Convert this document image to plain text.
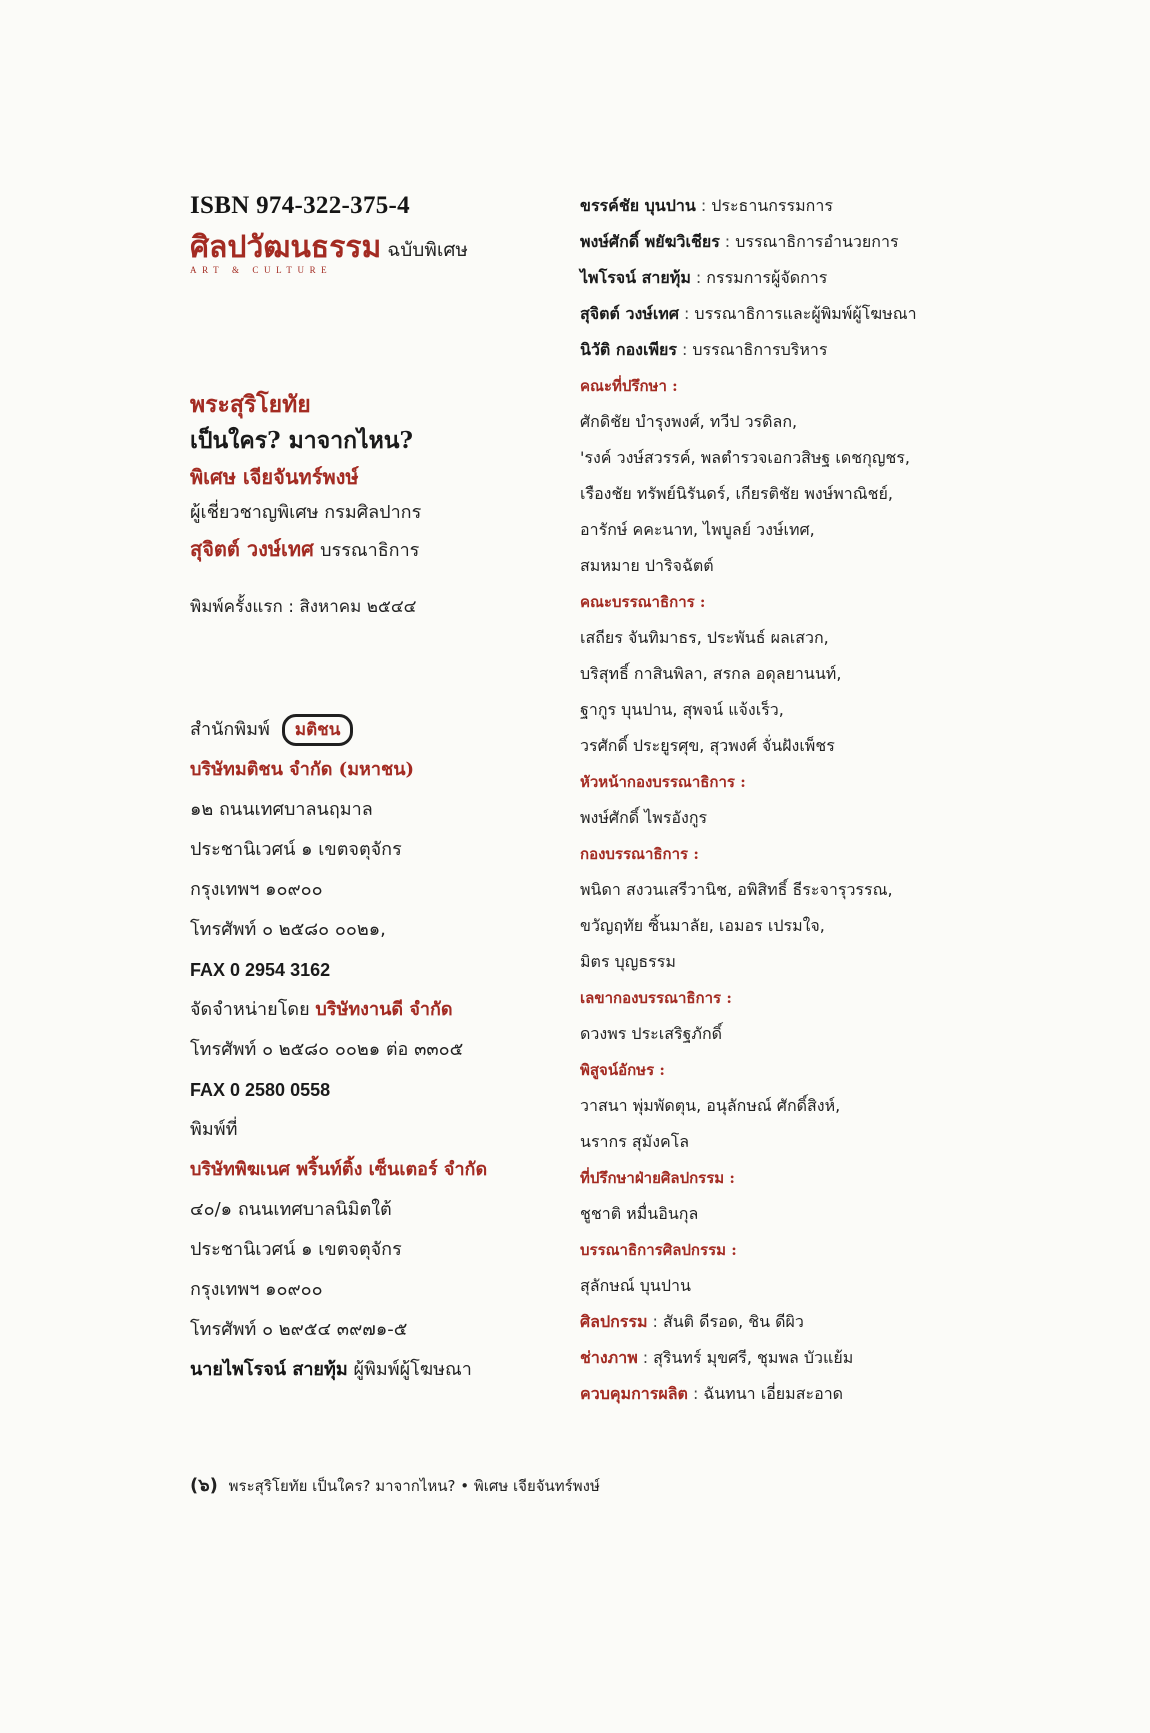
ISBN 974-322-375-4
ศิลปวัฒนธรรม ฉบับพิเศษ
ART & CULTURE
พระสุริโยทัย
เป็นใคร? มาจากไหน?
พิเศษ เจียจันทร์พงษ์
ผู้เชี่ยวชาญพิเศษ กรมศิลปากร
สุจิตต์ วงษ์เทศ บรรณาธิการ
พิมพ์ครั้งแรก : สิงหาคม ๒๕๔๔
สำนักพิมพ์	มติชน
บริษัทมติชน จำกัด (มหาชน)
๑๒ ถนนเทศบาลนฤมาล
ประชานิเวศน์ ๑ เขตจตุจักร
กรุงเทพฯ ๑๐๙๐๐
โทรศัพท์ ๐ ๒๕๘๐ ๐๐๒๑,
FAX 0 2954 3162
จัดจำหน่ายโดย บริษัทงานดี จำกัด
โทรศัพท์ ๐ ๒๕๘๐ ๐๐๒๑ ต่อ ๓๓๐๕
FAX 0 2580 0558
พิมพ์ที่
บริษัทพิฆเนศ พริ้นท์ติ้ง เซ็นเตอร์ จำกัด
๔๐/๑ ถนนเทศบาลนิมิตใต้
ประชานิเวศน์ ๑ เขตจตุจักร
กรุงเทพฯ ๑๐๙๐๐
โทรศัพท์ ๐ ๒๙๕๔ ๓๙๗๑-๕
นายไพโรจน์ สายทุ้ม ผู้พิมพ์ผู้โฆษณา
ขรรค์ชัย บุนปาน : ประธานกรรมการ
พงษ์ศักดิ์ พยัฆวิเชียร : บรรณาธิการอำนวยการ
ไพโรจน์ สายทุ้ม : กรรมการผู้จัดการ
สุจิตต์ วงษ์เทศ : บรรณาธิการและผู้พิมพ์ผู้โฆษณา
นิวัติ กองเพียร : บรรณาธิการบริหาร
คณะที่ปรึกษา :
ศักดิชัย บำรุงพงศ์, ทวีป วรดิลก,
'รงค์ วงษ์สวรรค์, พลตำรวจเอกวสิษฐ เดชกุญชร,
เรืองชัย ทรัพย์นิรันดร์, เกียรติชัย พงษ์พาณิชย์,
อารักษ์ คคะนาท, ไพบูลย์ วงษ์เทศ,
สมหมาย ปาริจฉัตต์
คณะบรรณาธิการ :
เสถียร จันทิมาธร, ประพันธ์ ผลเสวก,
บริสุทธิ์ กาสินพิลา, สรกล อดุลยานนท์,
ฐากูร บุนปาน, สุพจน์ แจ้งเร็ว,
วรศักดิ์ ประยูรศุข, สุวพงศ์ จั่นฝังเพ็ชร
หัวหน้ากองบรรณาธิการ :
พงษ์ศักดิ์ ไพรอังกูร
กองบรรณาธิการ :
พนิดา สงวนเสรีวานิช, อพิสิทธิ์ ธีระจารุวรรณ,
ขวัญฤทัย ซิ้นมาลัย, เอมอร เปรมใจ,
มิตร บุญธรรม
เลขากองบรรณาธิการ :
ดวงพร ประเสริฐภักดิ์
พิสูจน์อักษร :
วาสนา พุ่มพัดตุน, อนุลักษณ์ ศักดิ์สิงห์,
นรากร สุมังคโล
ที่ปรึกษาฝ่ายศิลปกรรม :
ชูชาติ หมื่นอินกุล
บรรณาธิการศิลปกรรม :
สุลักษณ์ บุนปาน
ศิลปกรรม : สันติ ดีรอด, ชิน ดีผิว
ช่างภาพ : สุรินทร์ มุขศรี, ชุมพล บัวแย้ม
ควบคุมการผลิต : ฉันทนา เอี่ยมสะอาด
(๖) พระสุริโยทัย เป็นใคร? มาจากไหน? • พิเศษ เจียจันทร์พงษ์
